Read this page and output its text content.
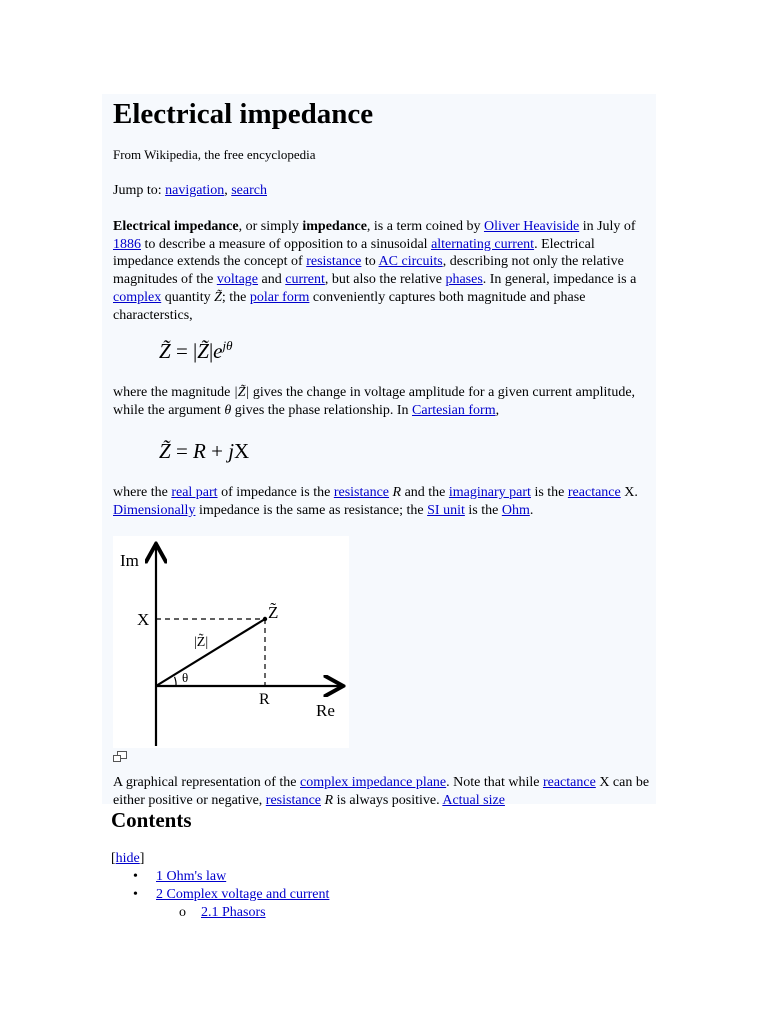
Electrical impedance
From Wikipedia, the free encyclopedia
Jump to: navigation, search
Electrical impedance, or simply impedance, is a term coined by Oliver Heaviside in July of 1886 to describe a measure of opposition to a sinusoidal alternating current. Electrical impedance extends the concept of resistance to AC circuits, describing not only the relative magnitudes of the voltage and current, but also the relative phases. In general, impedance is a complex quantity Z̃; the polar form conveniently captures both magnitude and phase characterstics,
Z̃ = $|Z̃|e^{j\theta}$
where the magnitude |Z̃| gives the change in voltage amplitude for a given current amplitude, while the argument θ gives the phase relationship. In Cartesian form,
Z̃ = R + jX
where the real part of impedance is the resistance R and the imaginary part is the reactance X. Dimensionally impedance is the same as resistance; the SI unit is the Ohm.
Im
Re
X
R
Z̃
|Z̃|
θ
A graphical representation of the complex impedance plane. Note that while reactance X can be either positive or negative, resistance R is always positive. Actual size
Contents
[hide]
• 1 Ohm's law
• 2 Complex voltage and current
o 2.1 Phasors
